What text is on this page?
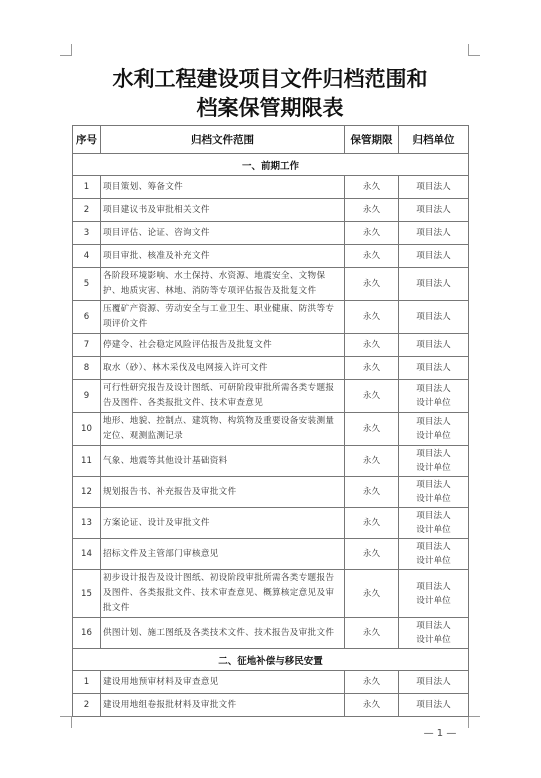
水利工程建设项目文件归档范围和
档案保管期限表
序号	归档文件范围	保管期限	归档单位
一、前期工作			
1	项目策划、筹备文件	永久	项目法人

2	项目建议书及审批相关文件	永久	项目法人

3	项目评估、论证、咨询文件	永久	项目法人

4	项目审批、核准及补充文件	永久	项目法人

5	各阶段环境影响、水土保持、水资源、地震安全、文物保护、地质灾害、林地、消防等专项评估报告及批复文件	永久	项目法人

6	压覆矿产资源、劳动安全与工业卫生、职业健康、防洪等专项评价文件	永久	项目法人

7	停建令、社会稳定风险评估报告及批复文件	永久	项目法人

8	取水（砂）、林木采伐及电网接入许可文件	永久	项目法人

9	可行性研究报告及设计图纸、可研阶段审批所需各类专题报告及图件、各类报批文件、技术审查意见	永久	项目法人
设计单位

10	地形、地貌、控制点、建筑物、构筑物及重要设备安装测量定位、观测监测记录	永久	项目法人
设计单位

11	气象、地震等其他设计基础资料	永久	项目法人
设计单位

12	规划报告书、补充报告及审批文件	永久	项目法人
设计单位

13	方案论证、设计及审批文件	永久	项目法人
设计单位

14	招标文件及主管部门审核意见	永久	项目法人
设计单位

15	初步设计报告及设计图纸、初设阶段审批所需各类专题报告及图件、各类报批文件、技术审查意见、概算核定意见及审批文件	永久	项目法人
设计单位

16	供图计划、施工图纸及各类技术文件、技术报告及审批文件	永久	项目法人
设计单位

二、征地补偿与移民安置			
1	建设用地预审材料及审查意见	永久	项目法人

2	建设用地组卷报批材料及审批文件	永久	项目法人
— 1 —
